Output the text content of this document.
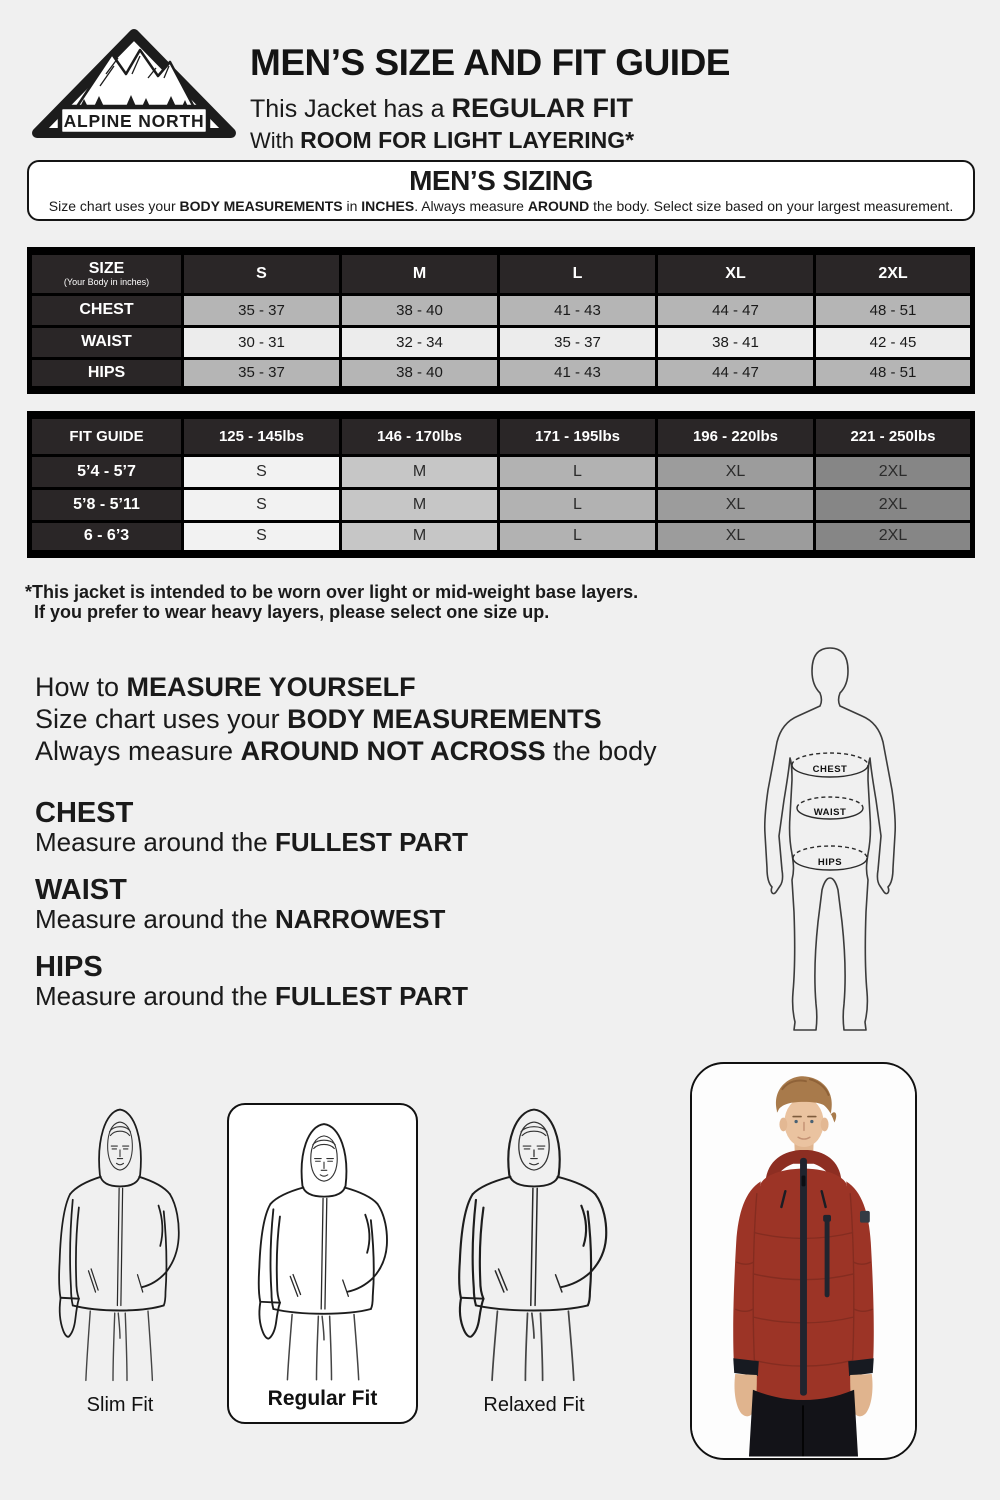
ALPINE NORTH
MEN’S SIZE AND FIT GUIDE
This Jacket has a REGULAR FIT
With ROOM FOR LIGHT LAYERING*
MEN’S SIZING
Size chart uses your BODY MEASUREMENTS in INCHES. Always measure AROUND the body. Select size based on your largest measurement.
SIZE
(Your Body in inches)	S	M	L	XL	2XL
CHEST	35 - 37	38 - 40	41 - 43	44 - 47	48 - 51
WAIST	30 - 31	32 - 34	35 - 37	38 - 41	42 - 45
HIPS	35 - 37	38 - 40	41 - 43	44 - 47	48 - 51
FIT GUIDE	125 - 145lbs	146 - 170lbs	171 - 195lbs	196 - 220lbs	221 - 250lbs
5’4 - 5’7	S	M	L	XL	2XL
5’8 - 5’11	S	M	L	XL	2XL
6 - 6’3	S	M	L	XL	2XL
*This jacket is intended to be worn over light or mid-weight base layers.
If you prefer to wear heavy layers, please select one size up.
How to MEASURE YOURSELF
Size chart uses your BODY MEASUREMENTS
Always measure AROUND NOT ACROSS the body
CHEST
Measure around the FULLEST PART
WAIST
Measure around the NARROWEST
HIPS
Measure around the FULLEST PART
CHEST
WAIST
HIPS
Slim Fit	Regular Fit	Relaxed Fit
